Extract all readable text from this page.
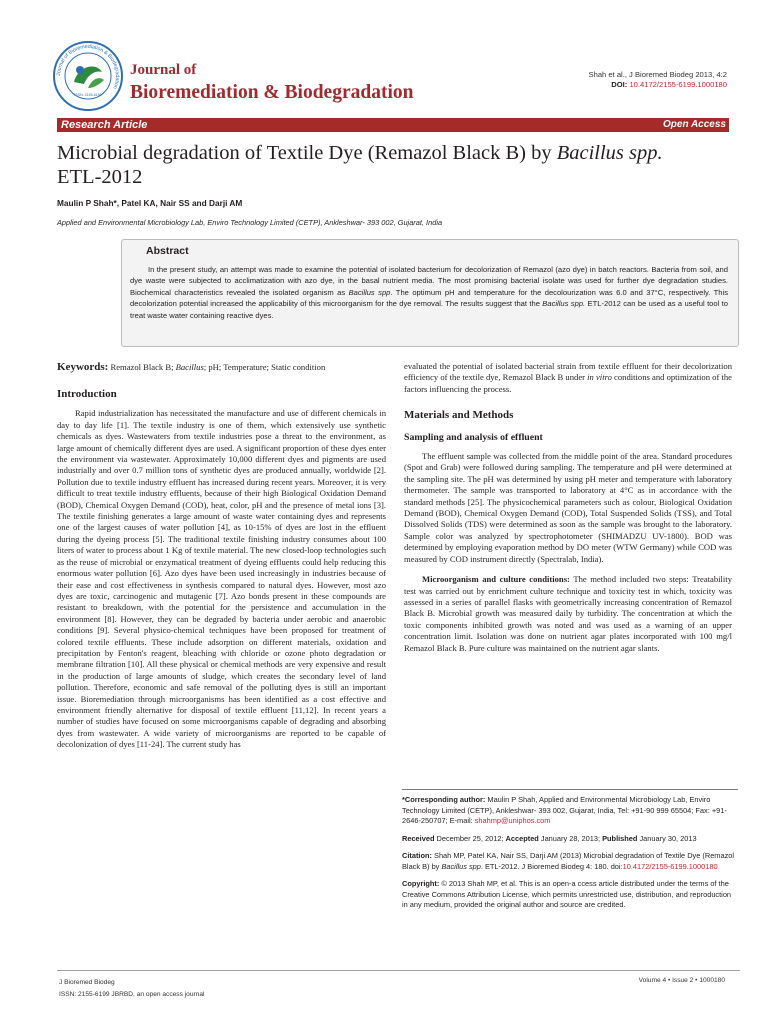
Journal of Bioremediation & Biodegradation
ISSN: 2155-6199
Journal of
Bioremediation & Biodegradation
Shah et al., J Bioremed Biodeg 2013, 4:2
DOI: 10.4172/2155-6199.1000180
Research Article	Open Access
Microbial degradation of Textile Dye (Remazol Black B) by Bacillus spp.
ETL-2012
Maulin P Shah*, Patel KA, Nair SS and Darji AM
Applied and Environmental Microbiology Lab, Enviro Technology Limited (CETP), Ankleshwar- 393 002, Gujarat, India
Abstract
In the present study, an attempt was made to examine the potential of isolated bacterium for decolorization of Remazol (azo dye) in batch reactors. Bacteria from soil, and dye waste were subjected to acclimatization with azo dye, in the basal nutrient media. The most promising bacterial isolate was used for further dye degradation studies. Biochemical characteristics revealed the isolated organism as Bacillus spp. The optimum pH and temperature for the decolourization was 6.0 and 37°C, respectively. This decolorization potential increased the applicability of this microorganism for the dye removal. The results suggest that the Bacillus spp. ETL-2012 can be used as a useful tool to treat waste water containing reactive dyes.
Keywords: Remazol Black B; Bacillus; pH; Temperature; Static condition
Introduction

Rapid industrialization has necessitated the manufacture and use of different chemicals in day to day life [1]. The textile industry is one of them, which extensively use synthetic chemicals as dyes. Wastewaters from textile industries pose a threat to the environment, as large amount of chemically different dyes are used. A significant proportion of these dyes enter the environment via wastewater. Approximately 10,000 different dyes and pigments are used industrially and over 0.7 million tons of synthetic dyes are produced annually, worldwide [2]. Pollution due to textile industry effluent has increased during recent years. Moreover, it is very difficult to treat textile industry effluents, because of their high Biological Oxidation Demand (BOD), Chemical Oxygen Demand (COD), heat, color, pH and the presence of metal ions [3]. The textile finishing generates a large amount of waste water containing dyes and represents one of the largest causes of water pollution [4], as 10-15% of dyes are lost in the effluent during the dyeing process [5]. The traditional textile finishing industry consumes about 100 liters of water to process about 1 Kg of textile material. The new closed-loop technologies such as the reuse of microbial or enzymatical treatment of dyeing effluents could help reducing this enormous water pollution [6]. Azo dyes have been used increasingly in industries because of their ease and cost effectiveness in synthesis compared to natural dyes. However, most azo dyes are toxic, carcinogenic and mutagenic [7]. Azo bonds present in these compounds are resistant to breakdown, with the potential for the persistence and accumulation in the environment [8]. However, they can be degraded by bacteria under aerobic and anaerobic conditions [9]. Several physico-chemical techniques have been proposed for treatment of colored textile effluents. These include adsorption on different materials, oxidation and precipitation by Fenton's reagent, bleaching with chloride or ozone photo degradation or membrane filtration [10]. All these physical or chemical methods are very expensive and result in the production of large amounts of sludge, which creates the secondary level of land pollution. Therefore, economic and safe removal of the polluting dyes is still an important issue. Bioremediation through microorganisms has been identified as a cost effective and environment friendly alternative for disposal of textile effluent [11,12]. In recent years a number of studies have focused on some microorganisms capable of degrading and absorbing dyes from wastewater. A wide variety of microorganisms are reported to be capable of decolonization of dyes [11-24]. The current study has

evaluated the potential of isolated bacterial strain from textile effluent for their decolorization efficiency of the textile dye, Remazol Black B under in vitro conditions and optimization of the factors influencing the process.

Materials and Methods
Sampling and analysis of effluent

The effluent sample was collected from the middle point of the area. Standard procedures (Spot and Grab) were followed during sampling. The temperature and pH were determined at the sampling site. The pH was determined by using pH meter and temperature with laboratory thermometer. The sample was transported to laboratory at 4°C as in accordance with the standard methods [25]. The physicochemical parameters such as colour, Biological Oxidation Demand (BOD), Chemical Oxygen Demand (COD), Total Suspended Solids (TSS), and Total Dissolved Solids (TDS) were determined as soon as the sample was brought to the laboratory. Sample color was analyzed by spectrophotometer (SHIMADZU UV-1800). BOD was determined by employing evaporation method by DO meter (WTW Germany) while COD was measured by COD instrument directly (Spectralab, India).

Microorganism and culture conditions: The method included two steps: Treatability test was carried out by enrichment culture technique and toxicity test in which, toxicity was assessed in a series of parallel flasks with geometrically increasing concentration of Remazol Black B. Microbial growth was measured daily by turbidity. The concentration at which the toxic components inhibited growth was noted and was used as a warning of an upper concentration limit. Isolation was done on nutrient agar plates incorporated with 100 mg/l Remazol Black B. Pure culture was maintained on the nutrient agar slants.

*Corresponding author: Maulin P Shah, Applied and Environmental Microbiology Lab, Enviro Technology Limited (CETP), Ankleshwar- 393 002, Gujarat, India, Tel: +91-90 999 65504; Fax: +91-2646-250707; E-mail: shahmp@uniphos.com

Received December 25, 2012; Accepted January 28, 2013; Published January 30, 2013

Citation: Shah MP, Patel KA, Nair SS, Darji AM (2013) Microbial degradation of Textile Dye (Remazol Black B) by Bacillus spp. ETL-2012. J Bioremed Biodeg 4: 180. doi:10.4172/2155-6199.1000180

Copyright: © 2013 Shah MP, et al. This is an open-a ccess article distributed under the terms of the Creative Commons Attribution License, which permits unrestricted use, distribution, and reproduction in any medium, provided the original author and source are credited.

J Bioremed Biodeg
ISSN: 2155-6199 JBRBD, an open access journal
Volume 4 • Issue 2 • 1000180
